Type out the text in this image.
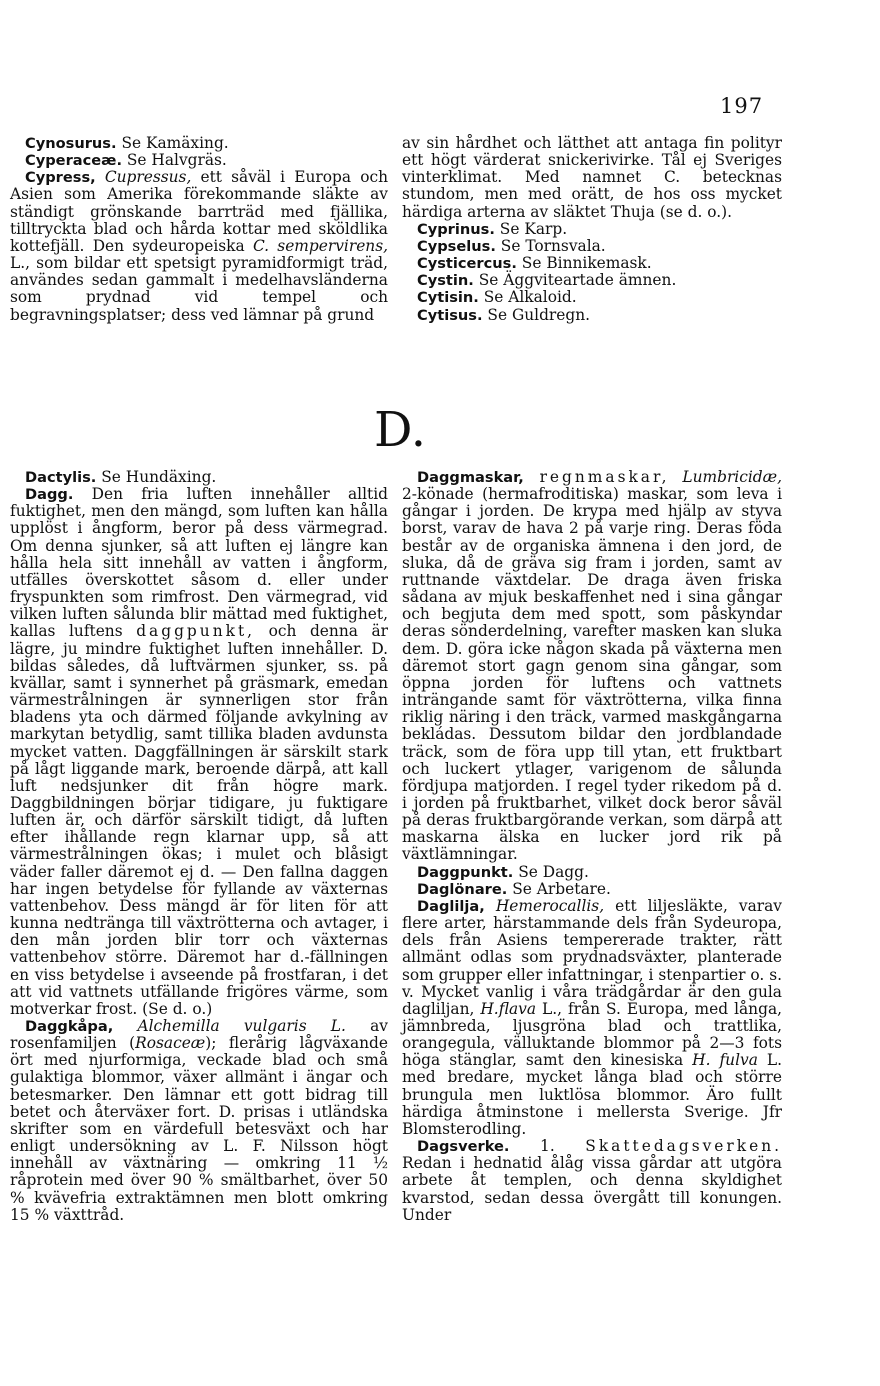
197

Cynosurus. Se Kamäxing.

Cyperaceæ. Se Halvgräs.

Cypress, Cupressus, ett såväl i Europa och Asien som Amerika förekommande släkte av ständigt grönskande barrträd med fjällika, tilltryckta blad och hårda kottar med sköldlika kottefjäll. Den sydeuropeiska C. sempervirens, L., som bildar ett spetsigt pyramidformigt träd, användes sedan gammalt i medelhavsländerna som prydnad vid tempel och begravningsplatser; dess ved lämnar på grund

av sin hårdhet och lätthet att antaga fin polityr ett högt värderat snickerivirke. Tål ej Sveriges vinterklimat. Med namnet C. betecknas stundom, men med orätt, de hos oss mycket härdiga arterna av släktet Thuja (se d. o.).

Cyprinus. Se Karp.

Cypselus. Se Tornsvala.

Cysticercus. Se Binnikemask.

Cystin. Se Äggviteartade ämnen.

Cytisin. Se Alkaloid.

Cytisus. Se Guldregn.

D.

Dactylis. Se Hundäxing.

Dagg. Den fria luften innehåller alltid fuktighet, men den mängd, som luften kan hålla upplöst i ångform, beror på dess värmegrad. Om denna sjunker, så att luften ej längre kan hålla hela sitt innehåll av vatten i ångform, utfälles överskottet såsom d. eller under fryspunkten som rimfrost. Den värmegrad, vid vilken luften sålunda blir mättad med fuktighet, kallas luftens daggpunkt, och denna är lägre, ju mindre fuktighet luften innehåller. D. bildas således, då luftvärmen sjunker, ss. på kvällar, samt i synnerhet på gräsmark, emedan värmestrålningen är synnerligen stor från bladens yta och därmed följande avkylning av markytan betydlig, samt tillika bladen avdunsta mycket vatten. Daggfällningen är särskilt stark på lågt liggande mark, beroende därpå, att kall luft nedsjunker dit från högre mark. Daggbildningen börjar tidigare, ju fuktigare luften är, och därför särskilt tidigt, då luften efter ihållande regn klarnar upp, så att värmestrålningen ökas; i mulet och blåsigt väder faller däremot ej d. — Den fallna daggen har ingen betydelse för fyllande av växternas vattenbehov. Dess mängd är för liten för att kunna nedtränga till växtrötterna och avtager, i den mån jorden blir torr och växternas vattenbehov större. Däremot har d.-fällningen en viss betydelse i avseende på frostfaran, i det att vid vattnets utfällande frigöres värme, som motverkar frost. (Se d. o.)

Daggkåpa, Alchemilla vulgaris L. av rosenfamiljen (Rosaceæ); flerårig lågväxande ört med njurformiga, veckade blad och små gulaktiga blommor, växer allmänt i ängar och betesmarker. Den lämnar ett gott bidrag till betet och återväxer fort. D. prisas i utländska skrifter som en värdefull betesväxt och har enligt undersökning av L. F. Nilsson högt innehåll av växtnäring — omkring 11 ½ råprotein med över 90 % smältbarhet, över 50 % kvävefria extraktämnen men blott omkring 15 % växttråd.

Daggmaskar, regnmaskar, Lumbricidæ, 2-könade (hermafroditiska) maskar, som leva i gångar i jorden. De krypa med hjälp av styva borst, varav de hava 2 på varje ring. Deras föda består av de organiska ämnena i den jord, de sluka, då de gräva sig fram i jorden, samt av ruttnande växtdelar. De draga även friska sådana av mjuk beskaffenhet ned i sina gångar och begjuta dem med spott, som påskyndar deras sönderdelning, varefter masken kan sluka dem. D. göra icke någon skada på växterna men däremot stort gagn genom sina gångar, som öppna jorden för luftens och vattnets inträngande samt för växtrötterna, vilka finna riklig näring i den träck, varmed maskgångarna bekládas. Dessutom bildar den jordblandade träck, som de föra upp till ytan, ett fruktbart och luckert ytlager, varigenom de sålunda fördjupa matjorden. I regel tyder rikedom på d. i jorden på fruktbarhet, vilket dock beror såväl på deras fruktbargörande verkan, som därpå att maskarna älska en lucker jord rik på växtlämningar.

Daggpunkt. Se Dagg.

Daglönare. Se Arbetare.

Daglilja, Hemerocallis, ett liljesläkte, varav flere arter, härstammande dels från Sydeuropa, dels från Asiens tempererade trakter, rätt allmänt odlas som prydnadsväxter, planterade som grupper eller infattningar, i stenpartier o. s. v. Mycket vanlig i våra trädgårdar är den gula dagliljan, H.flava L., från S. Europa, med långa, jämnbreda, ljusgröna blad och trattlika, orangegula, välluktande blommor på 2—3 fots höga stänglar, samt den kinesiska H. fulva L. med bredare, mycket långa blad och större brungula men luktlösa blommor. Äro fullt härdiga åtminstone i mellersta Sverige. Jfr Blomsterodling.

Dagsverke. 1. Skattedagsverken. Redan i hednatid ålåg vissa gårdar att utgöra arbete åt templen, och denna skyldighet kvarstod, sedan dessa övergått till konungen. Under
